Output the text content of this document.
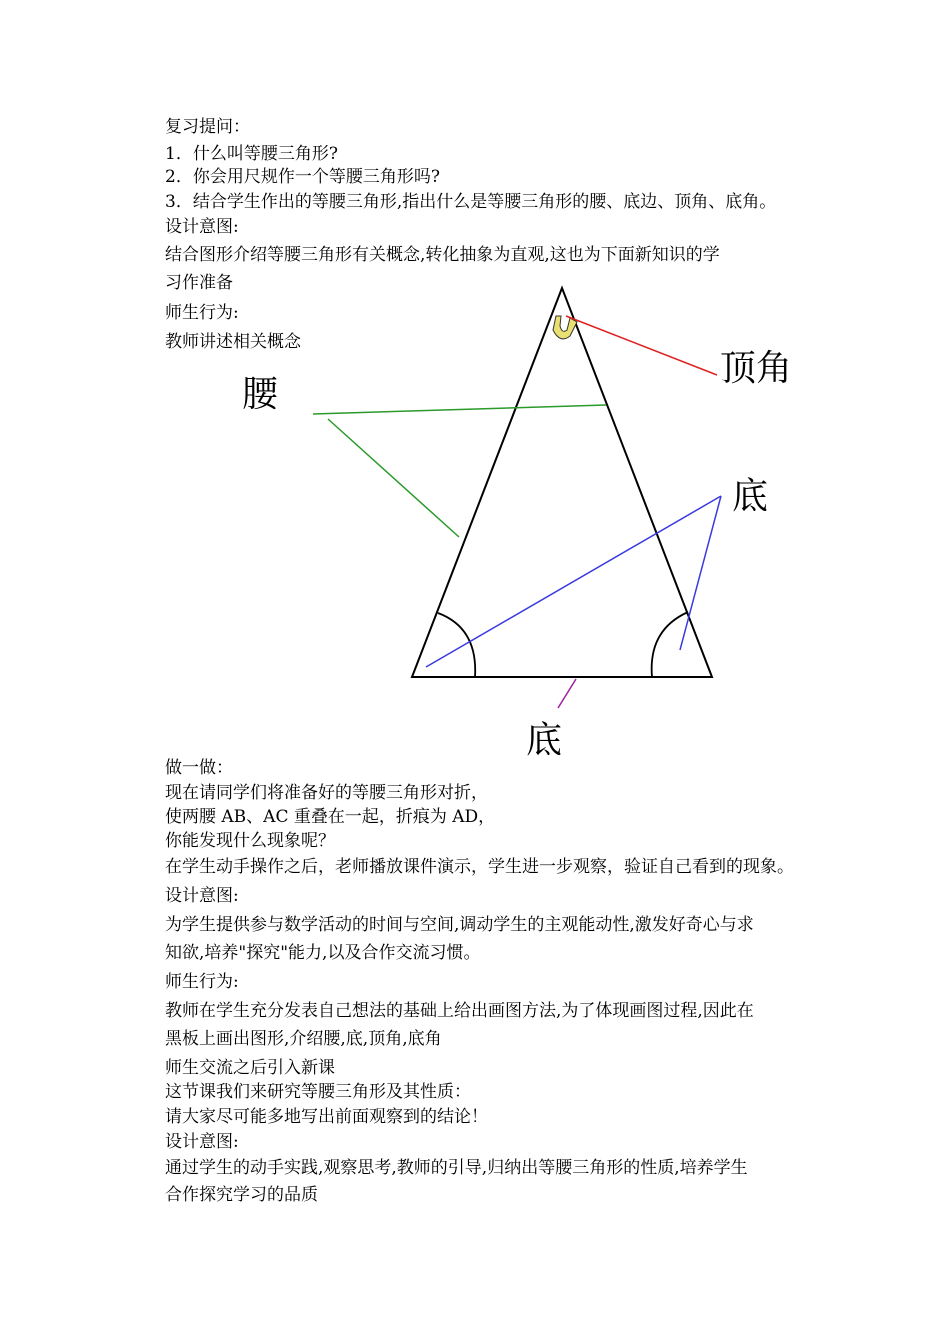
复习提问：
1．什么叫等腰三角形?
2．你会用尺规作一个等腰三角形吗?
3．结合学生作出的等腰三角形,指出什么是等腰三角形的腰、底边、顶角、底角。
设计意图:
结合图形介绍等腰三角形有关概念,转化抽象为直观,这也为下面新知识的学
习作准备
师生行为:
教师讲述相关概念
腰
顶角
底
底
做一做：
现在请同学们将准备好的等腰三角形对折，
使两腰 AB、AC 重叠在一起，折痕为 AD，
你能发现什么现象呢？
在学生动手操作之后，老师播放课件演示，学生进一步观察，验证自己看到的现象。
设计意图:
为学生提供参与数学活动的时间与空间,调动学生的主观能动性,激发好奇心与求
知欲,培养"探究"能力,以及合作交流习惯。
师生行为:
教师在学生充分发表自己想法的基础上给出画图方法,为了体现画图过程,因此在
黑板上画出图形,介绍腰,底,顶角,底角
师生交流之后引入新课
这节课我们来研究等腰三角形及其性质：
请大家尽可能多地写出前面观察到的结论！
设计意图:
通过学生的动手实践,观察思考,教师的引导,归纳出等腰三角形的性质,培养学生
合作探究学习的品质
